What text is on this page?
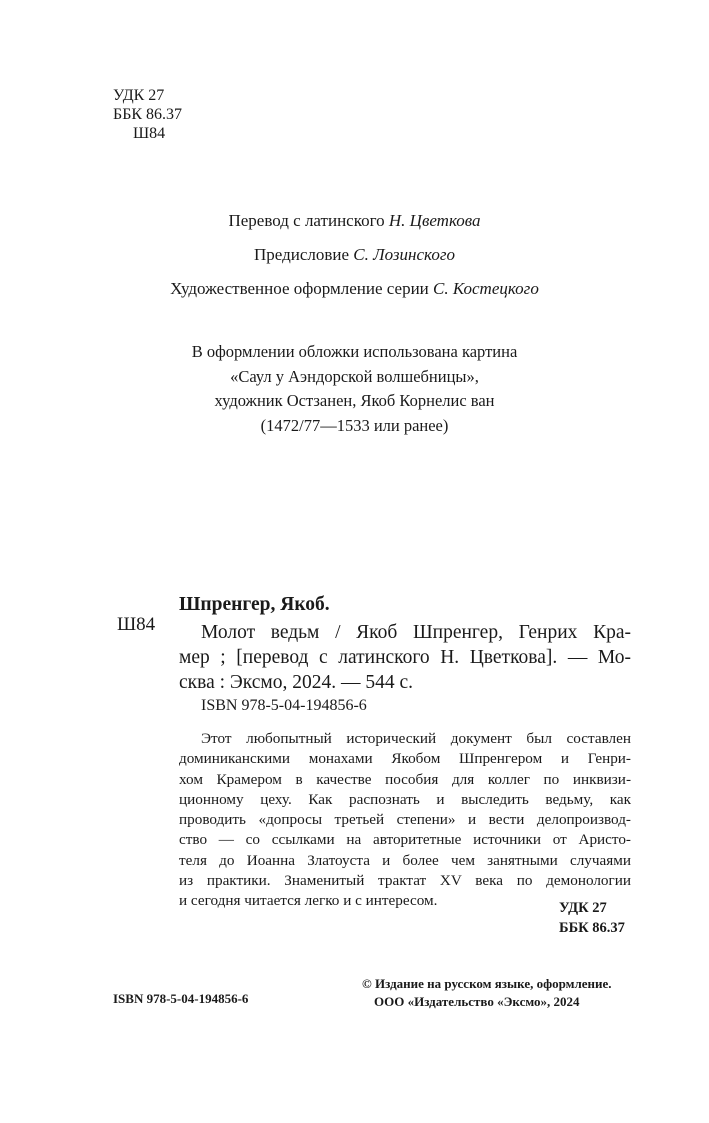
УДК 27
ББК 86.37
Ш84
Перевод с латинского Н. Цветкова
Предисловие С. Лозинского
Художественное оформление серии С. Костецкого
В оформлении обложки использована картина
«Саул у Аэндорской волшебницы»,
художник Остзанен, Якоб Корнелис ван
(1472/77—1533 или ранее)
Ш84
Шпренгер, Якоб.
Молот ведьм / Якоб Шпренгер, Генрих Кра-
мер ; [перевод с латинского Н. Цветкова]. — Мо-
сква : Эксмо, 2024. — 544 с.
ISBN 978-5-04-194856-6
Этот любопытный исторический документ был составлен
доминиканскими монахами Якобом Шпренгером и Генри-
хом Крамером в качестве пособия для коллег по инквизи-
ционному цеху. Как распознать и выследить ведьму, как
проводить «допросы третьей степени» и вести делопроизвод-
ство — со ссылками на авторитетные источники от Аристо-
теля до Иоанна Златоуста и более чем занятными случаями
из практики. Знаменитый трактат XV века по демонологии
и сегодня читается легко и с интересом.	УДК 27
ББК 86.37
© Издание на русском языке, оформление.
ООО «Издательство «Эксмо», 2024
ISBN 978-5-04-194856-6
